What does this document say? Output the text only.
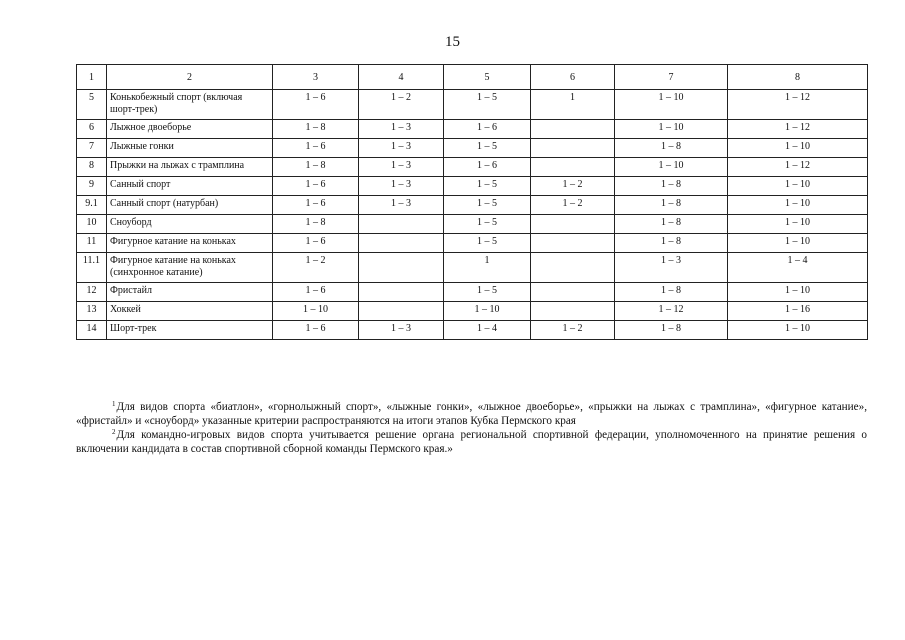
15
1	2	3	4	5	6	7	8
5	Конькобежный спорт (включая шорт-трек)	1 – 6	1 – 2	1 – 5	1	1 – 10	1 – 12
6	Лыжное двоеборье	1 – 8	1 – 3	1 – 6		1 – 10	1 – 12
7	Лыжные гонки	1 – 6	1 – 3	1 – 5		1 – 8	1 – 10
8	Прыжки на лыжах с трамплина	1 – 8	1 – 3	1 – 6		1 – 10	1 – 12
9	Санный спорт	1 – 6	1 – 3	1 – 5	1 – 2	1 – 8	1 – 10
9.1	Санный спорт (натурбан)	1 – 6	1 – 3	1 – 5	1 – 2	1 – 8	1 – 10
10	Сноуборд	1 – 8		1 – 5		1 – 8	1 – 10
11	Фигурное катание на коньках	1 – 6		1 – 5		1 – 8	1 – 10
11.1	Фигурное катание на коньках (синхронное катание)	1 – 2		1		1 – 3	1 – 4
12	Фристайл	1 – 6		1 – 5		1 – 8	1 – 10
13	Хоккей	1 – 10		1 – 10		1 – 12	1 – 16
14	Шорт-трек	1 – 6	1 – 3	1 – 4	1 – 2	1 – 8	1 – 10

$^1$Для видов спорта «биатлон», «горнолыжный спорт», «лыжные гонки», «лыжное двоеборье», «прыжки на лыжах с трамплина», «фигурное катание», «фристайл» и «сноуборд» указанные критерии распространяются на итоги этапов Кубка Пермского края

$^2$Для командно-игровых видов спорта учитывается решение органа региональной спортивной федерации, уполномоченного на принятие решения о включении кандидата в состав спортивной сборной команды Пермского края.»
